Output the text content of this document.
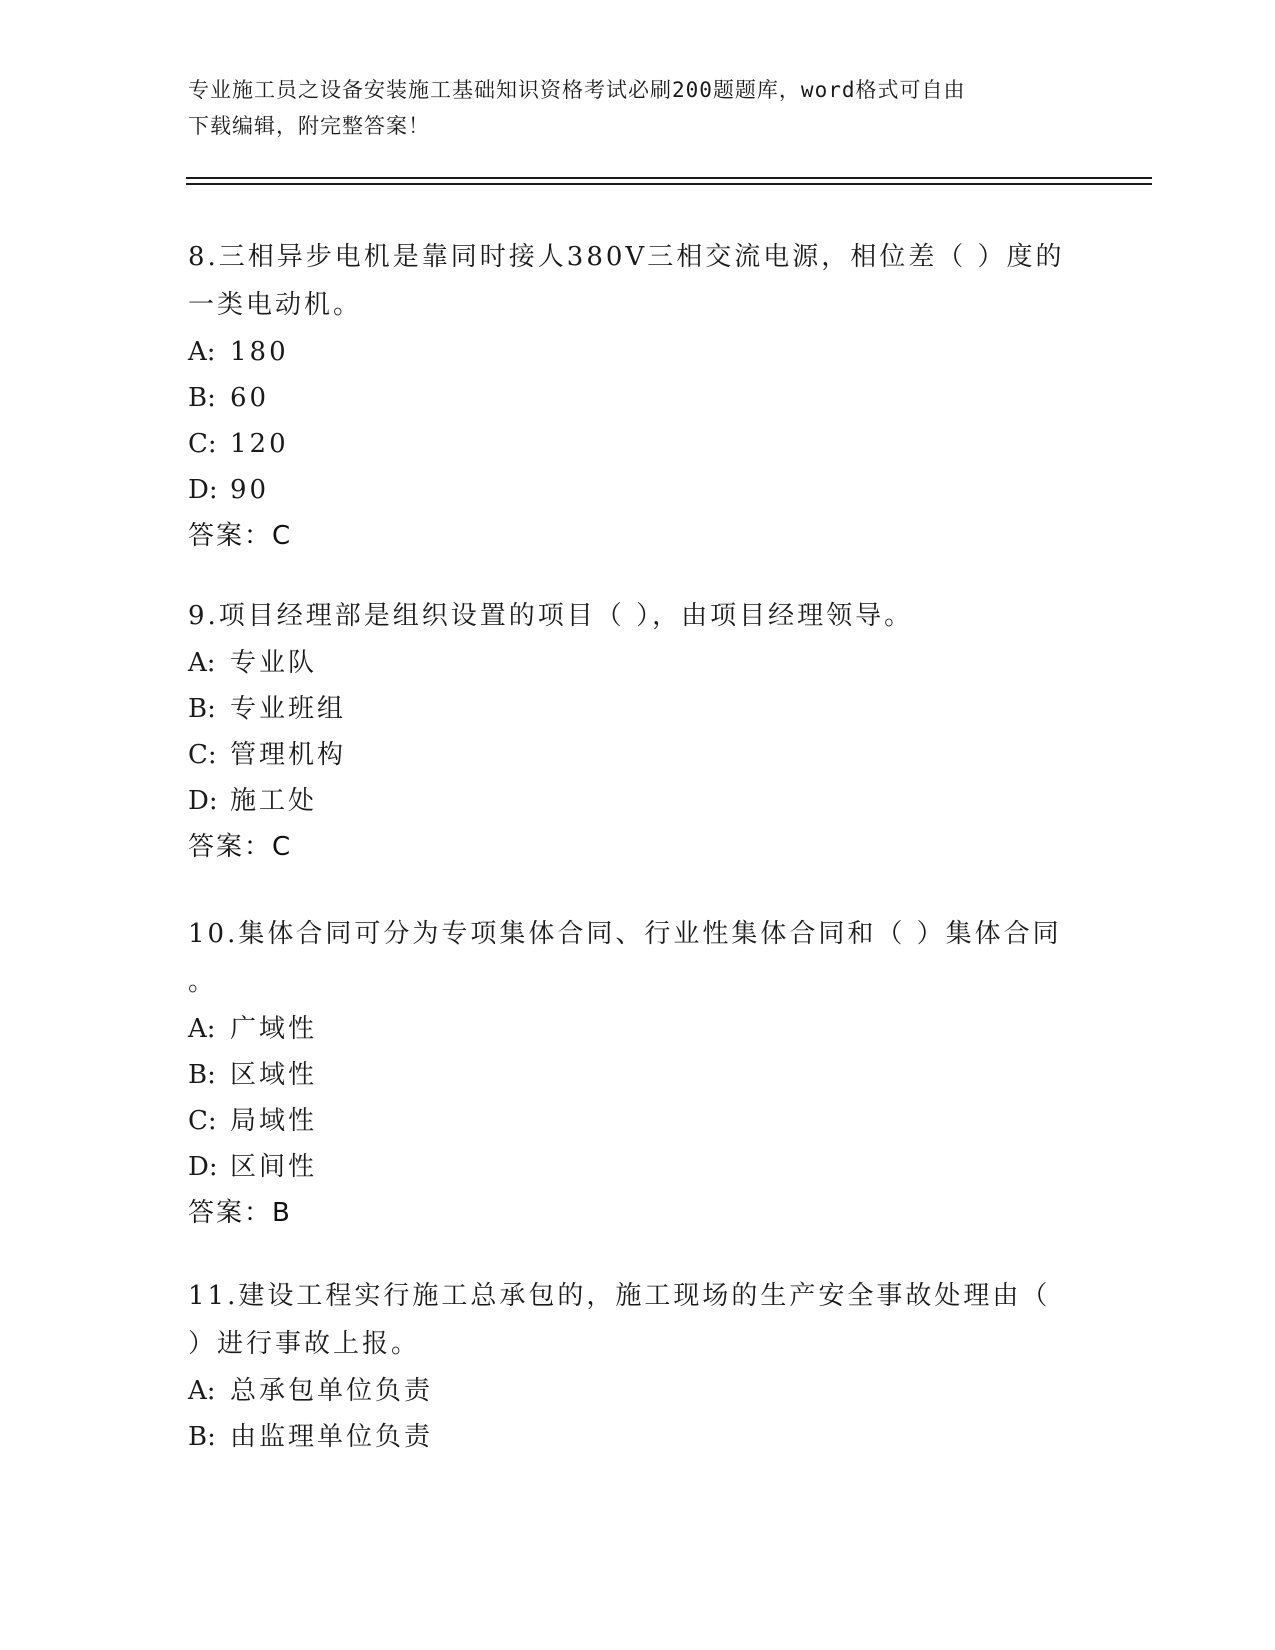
专业施工员之设备安装施工基础知识资格考试必刷200题题库，word格式可自由
下载编辑，附完整答案！
8.三相异步电机是靠同时接人380V三相交流电源，相位差（ ）度的
一类电动机。
A: 180
B: 60
C: 120
D: 90
答案：C
9.项目经理部是组织设置的项目（ ），由项目经理领导。
A: 专业队
B: 专业班组
C: 管理机构
D: 施工处
答案：C
10.集体合同可分为专项集体合同、行业性集体合同和（ ）集体合同
。
A: 广域性
B: 区域性
C: 局域性
D: 区间性
答案：B
11.建设工程实行施工总承包的，施工现场的生产安全事故处理由（
）进行事故上报。
A: 总承包单位负责
B: 由监理单位负责
